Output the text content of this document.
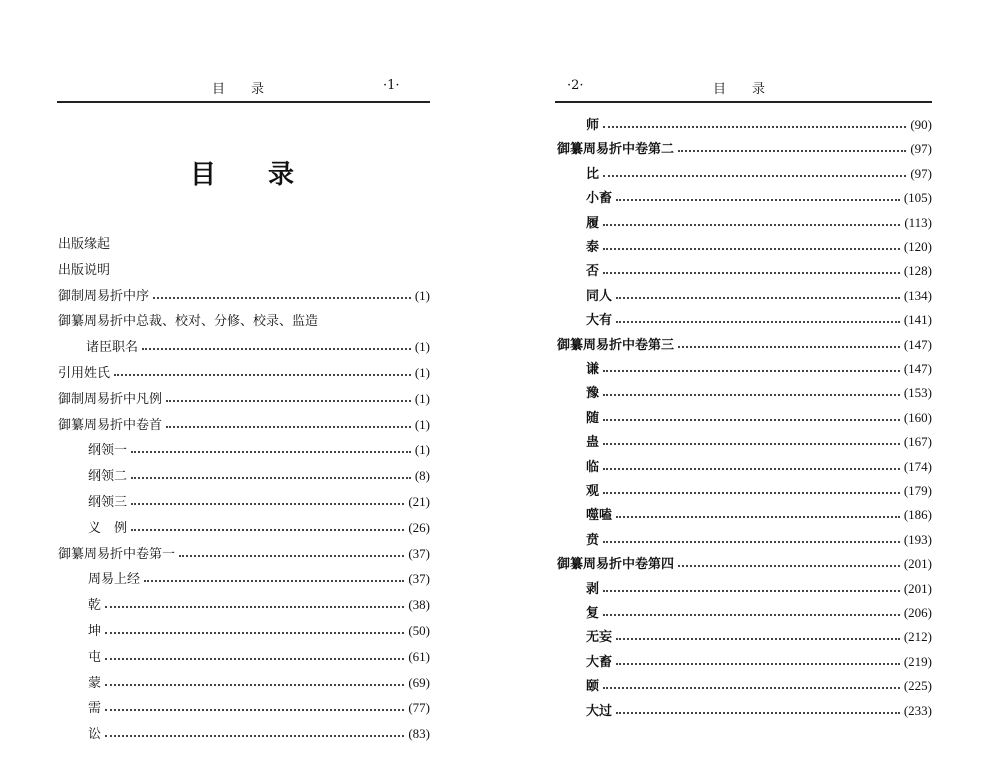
目　　录	·1·
目　　录
出版缘起
出版说明
御制周易折中序	(1)
御纂周易折中总裁、校对、分修、校录、监造
诸臣职名	(1)
引用姓氏	(1)
御制周易折中凡例	(1)
御纂周易折中卷首	(1)
纲领一	(1)
纲领二	(8)
纲领三	(21)
义　例	(26)
御纂周易折中卷第一	(37)
周易上经	(37)
乾	(38)
坤	(50)
屯	(61)
蒙	(69)
需	(77)
讼	(83)
·2·	目　　录
师	(90)
御纂周易折中卷第二	(97)
比	(97)
小畜	(105)
履	(113)
泰	(120)
否	(128)
同人	(134)
大有	(141)
御纂周易折中卷第三	(147)
谦	(147)
豫	(153)
随	(160)
蛊	(167)
临	(174)
观	(179)
噬嗑	(186)
贲	(193)
御纂周易折中卷第四	(201)
剥	(201)
复	(206)
无妄	(212)
大畜	(219)
颐	(225)
大过	(233)
